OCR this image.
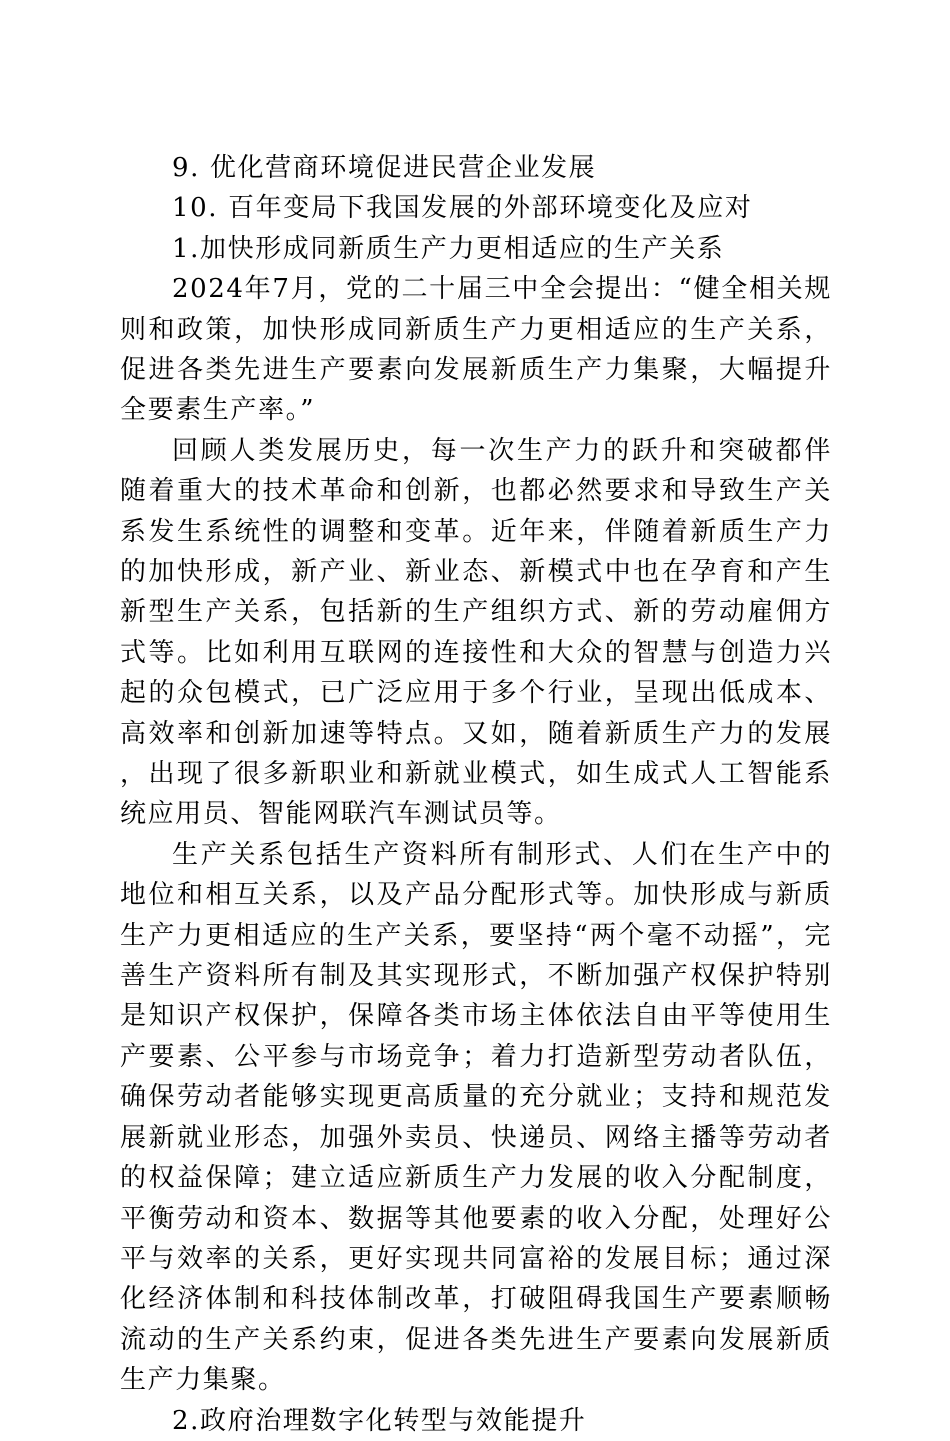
9. 优化营商环境促进民营企业发展

10. 百年变局下我国发展的外部环境变化及应对

1.加快形成同新质生产力更相适应的生产关系

2024年7月，党的二十届三中全会提出：“健全相关规则和政策，加快形成同新质生产力更相适应的生产关系，促进各类先进生产要素向发展新质生产力集聚，大幅提升全要素生产率。”

回顾人类发展历史，每一次生产力的跃升和突破都伴随着重大的技术革命和创新，也都必然要求和导致生产关系发生系统性的调整和变革。近年来，伴随着新质生产力的加快形成，新产业、新业态、新模式中也在孕育和产生新型生产关系，包括新的生产组织方式、新的劳动雇佣方式等。比如利用互联网的连接性和大众的智慧与创造力兴起的众包模式，已广泛应用于多个行业，呈现出低成本、高效率和创新加速等特点。又如，随着新质生产力的发展，出现了很多新职业和新就业模式，如生成式人工智能系统应用员、智能网联汽车测试员等。

生产关系包括生产资料所有制形式、人们在生产中的地位和相互关系，以及产品分配形式等。加快形成与新质生产力更相适应的生产关系，要坚持“两个毫不动摇”，完善生产资料所有制及其实现形式，不断加强产权保护特别是知识产权保护，保障各类市场主体依法自由平等使用生产要素、公平参与市场竞争；着力打造新型劳动者队伍，确保劳动者能够实现更高质量的充分就业；支持和规范发展新就业形态，加强外卖员、快递员、网络主播等劳动者的权益保障；建立适应新质生产力发展的收入分配制度，平衡劳动和资本、数据等其他要素的收入分配，处理好公平与效率的关系，更好实现共同富裕的发展目标；通过深化经济体制和科技体制改革，打破阻碍我国生产要素顺畅流动的生产关系约束，促进各类先进生产要素向发展新质生产力集聚。

2.政府治理数字化转型与效能提升
